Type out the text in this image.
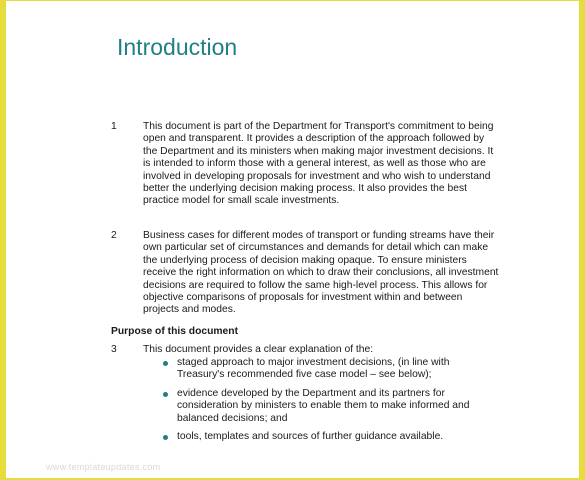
Introduction
1	This document is part of the Department for Transport's commitment to being open and transparent. It provides a description of the approach followed by the Department and its ministers when making major investment decisions. It is intended to inform those with a general interest, as well as those who are involved in developing proposals for investment and who wish to understand better the underlying decision making process. It also provides the best practice model for small scale investments.
2	Business cases for different modes of transport or funding streams have their own particular set of circumstances and demands for detail which can make the underlying process of decision making opaque. To ensure ministers receive the right information on which to draw their conclusions, all investment decisions are required to follow the same high-level process. This allows for objective comparisons of proposals for investment within and between projects and modes.
Purpose of this document
3	This document provides a clear explanation of the:
staged approach to major investment decisions, (in line with Treasury's recommended five case model – see below);
evidence developed by the Department and its partners for consideration by ministers to enable them to make informed and balanced decisions; and
tools, templates and sources of further guidance available.
www.templateupdates.com
